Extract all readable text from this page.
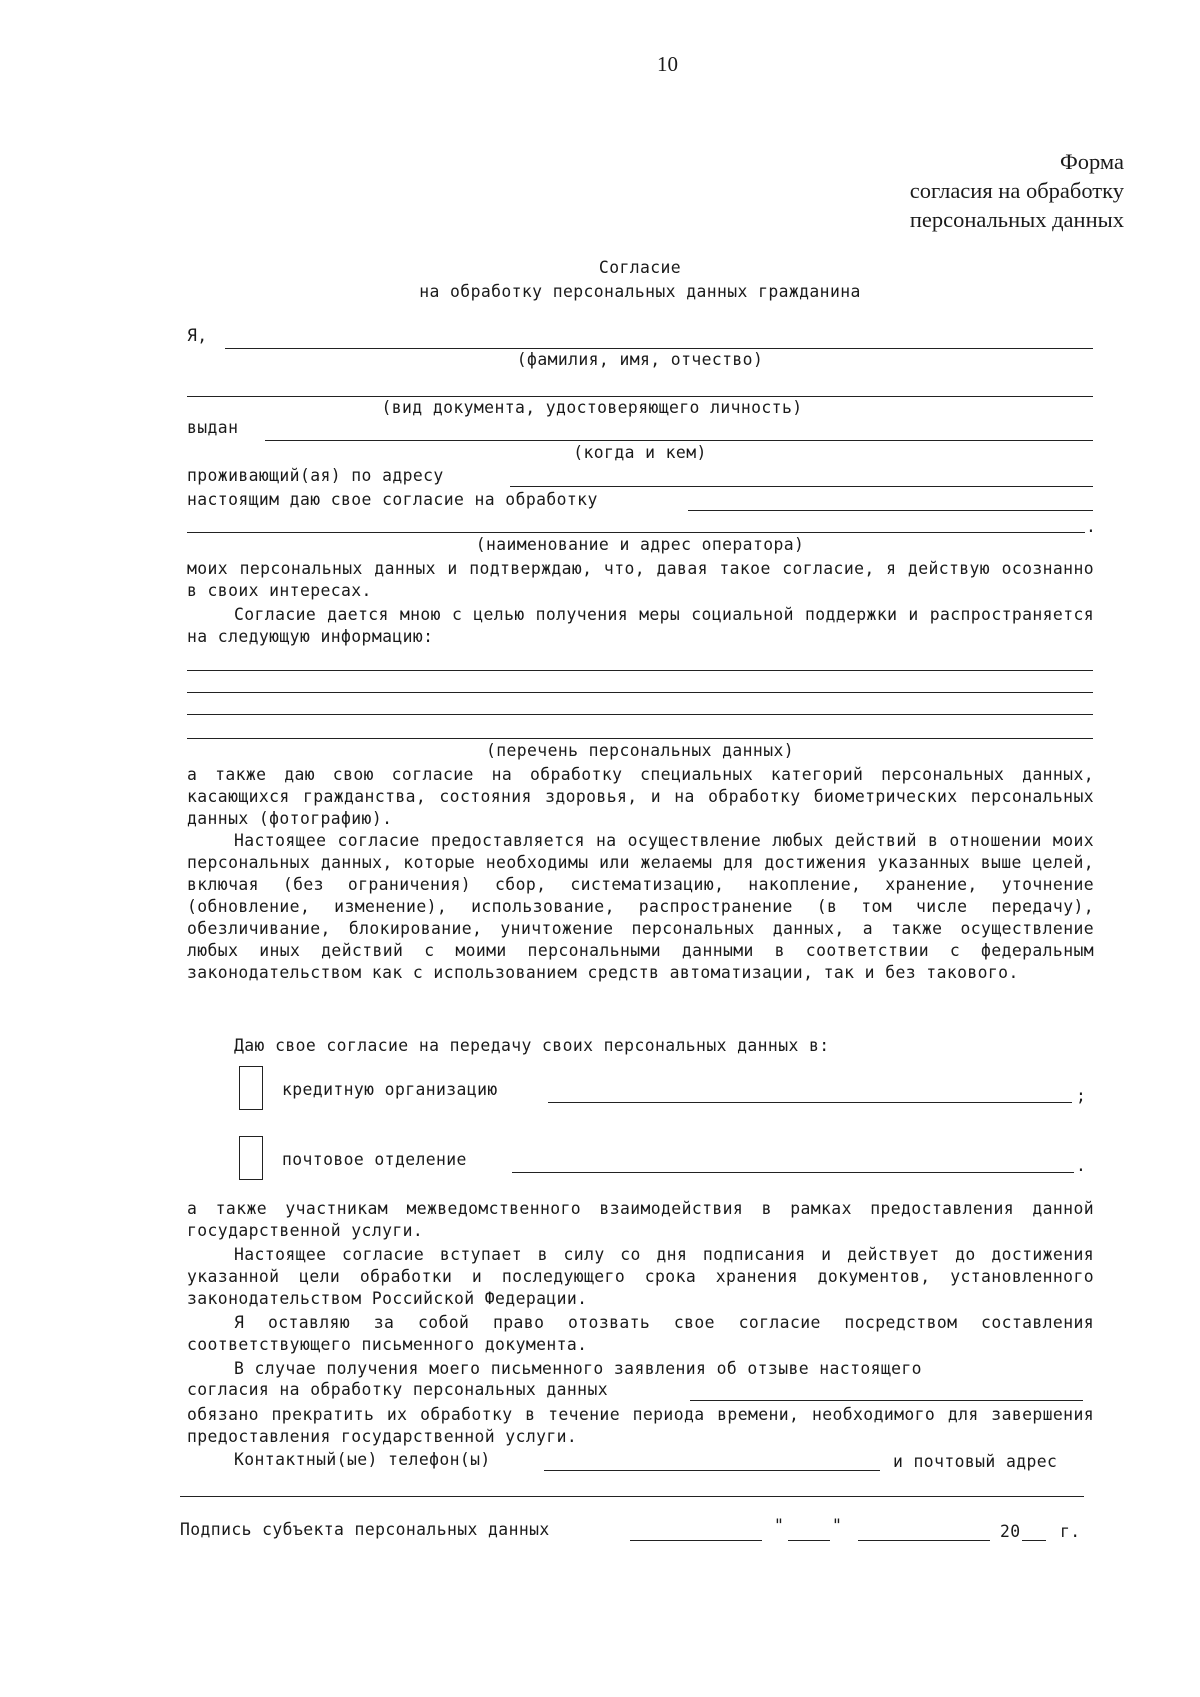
10
Форма
согласия на обработку
персональных данных
Согласие
на обработку персональных данных гражданина
Я,
(фамилия, имя, отчество)
(вид документа, удостоверяющего личность)
выдан
(когда и кем)
проживающий(ая) по адресу
настоящим даю свое согласие на обработку
.
(наименование и адрес оператора)

моих персональных данных и подтверждаю, что, давая такое согласие, я действую осознанно в своих интересах.

Согласие дается мною с целью получения меры социальной поддержки и распространяется на следующую информацию:

(перечень персональных данных)

а также даю свою согласие на обработку специальных категорий персональных данных, касающихся гражданства, состояния здоровья, и на обработку биометрических персональных данных (фотографию).

Настоящее согласие предоставляется на осуществление любых действий в отношении моих персональных данных, которые необходимы или желаемы для достижения указанных выше целей, включая (без ограничения) сбор, систематизацию, накопление, хранение, уточнение (обновление, изменение), использование, распространение (в том числе передачу), обезличивание, блокирование, уничтожение персональных данных, а также осуществление любых иных действий с моими персональными данными в соответствии с федеральным законодательством как с использованием средств автоматизации, так и без такового.

Даю свое согласие на передачу своих персональных данных в:
кредитную организацию	;
почтовое отделение	.

а также участникам межведомственного взаимодействия в рамках предоставления данной государственной услуги.

Настоящее согласие вступает в силу со дня подписания и действует до достижения указанной цели обработки и последующего срока хранения документов, установленного законодательством Российской Федерации.

Я оставляю за собой право отозвать свое согласие посредством составления соответствующего письменного документа.

В случае получения моего письменного заявления об отзыве настоящего

согласия на обработку персональных данных

обязано прекратить их обработку в течение периода времени, необходимого для завершения предоставления государственной услуги.

Контактный(ые) телефон(ы)	и почтовый адрес
Подпись субъекта персональных данных	"	"	20 г.
